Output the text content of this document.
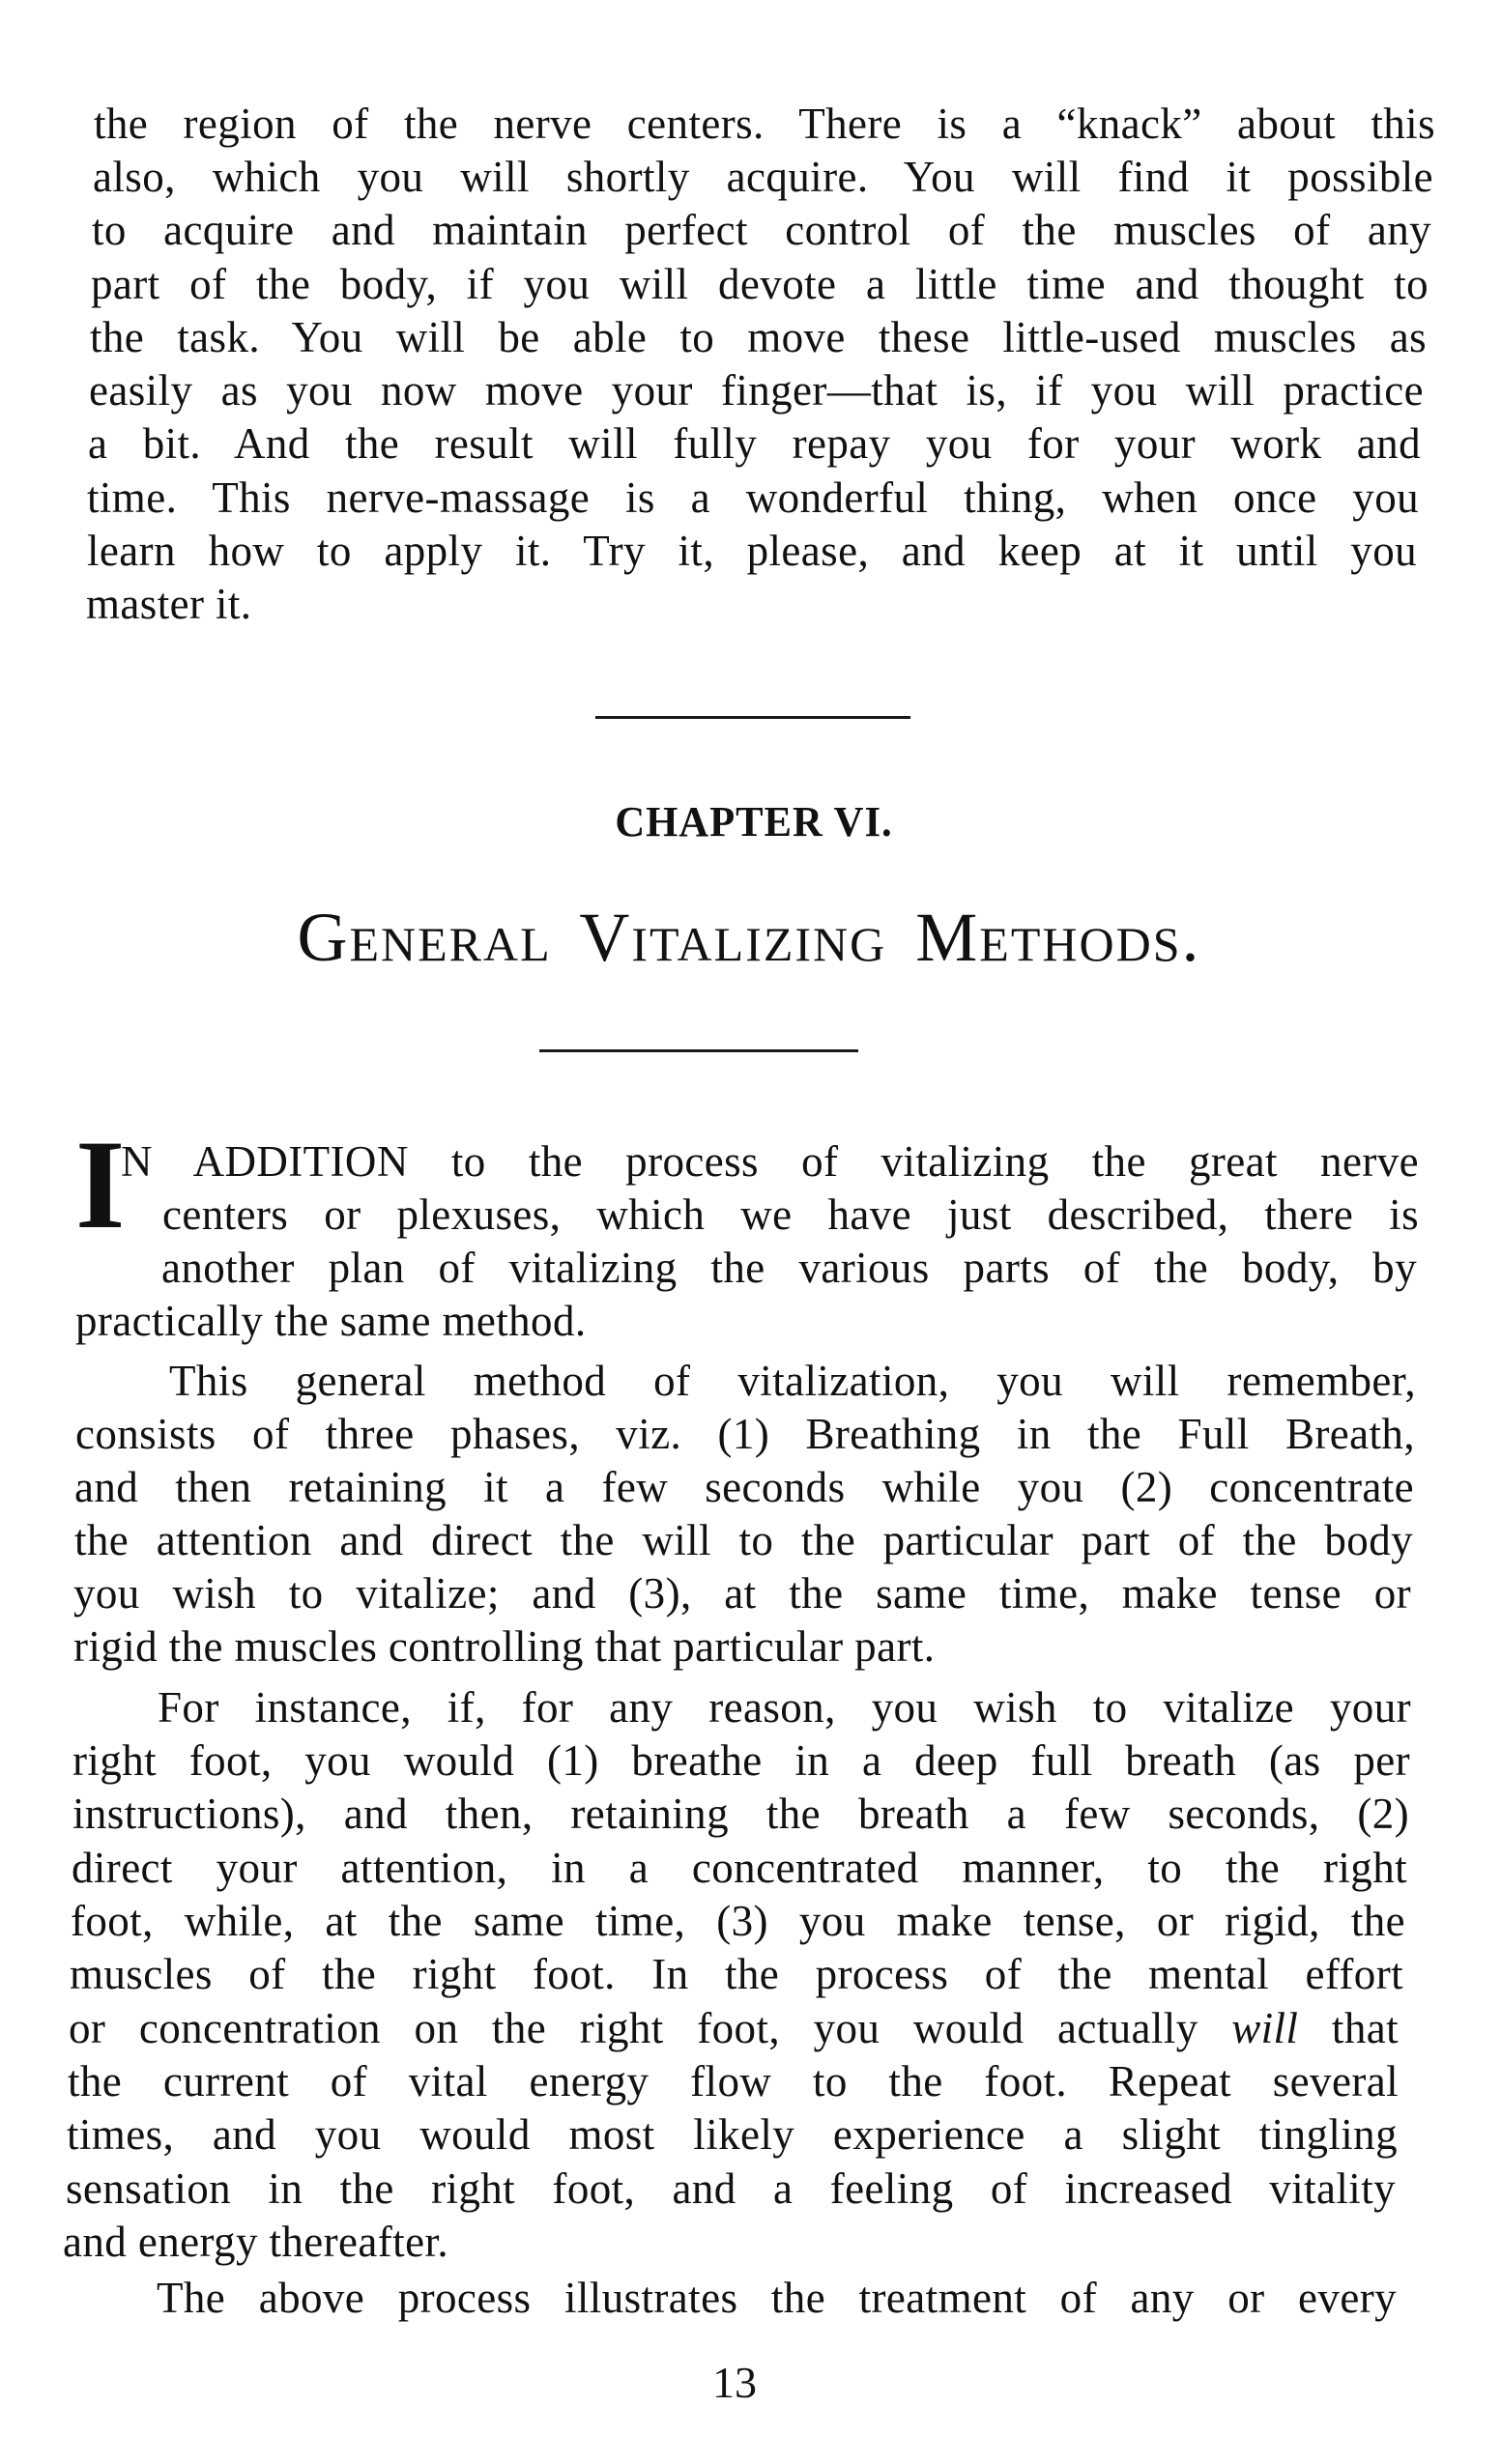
the region of the nerve centers. There is a “knack” about this
also, which you will shortly acquire. You will find it possible
to acquire and maintain perfect control of the muscles of any
part of the body, if you will devote a little time and thought to
the task. You will be able to move these little-used muscles as
easily as you now move your finger—that is, if you will practice
a bit. And the result will fully repay you for your work and
time. This nerve-massage is a wonderful thing, when once you
learn how to apply it. Try it, please, and keep at it until you
master it.
CHAPTER VI.
General Vitalizing Methods.
I
N ADDITION to the process of vitalizing the great nerve
centers or plexuses, which we have just described, there is
another plan of vitalizing the various parts of the body, by
practically the same method.
This general method of vitalization, you will remember,
consists of three phases, viz. (1) Breathing in the Full Breath,
and then retaining it a few seconds while you (2) concentrate
the attention and direct the will to the particular part of the body
you wish to vitalize; and (3), at the same time, make tense or
rigid the muscles controlling that particular part.
For instance, if, for any reason, you wish to vitalize your
right foot, you would (1) breathe in a deep full breath (as per
instructions), and then, retaining the breath a few seconds, (2)
direct your attention, in a concentrated manner, to the right
foot, while, at the same time, (3) you make tense, or rigid, the
muscles of the right foot. In the process of the mental effort
or concentration on the right foot, you would actually will that
the current of vital energy flow to the foot. Repeat several
times, and you would most likely experience a slight tingling
sensation in the right foot, and a feeling of increased vitality
and energy thereafter.
The above process illustrates the treatment of any or every
13
